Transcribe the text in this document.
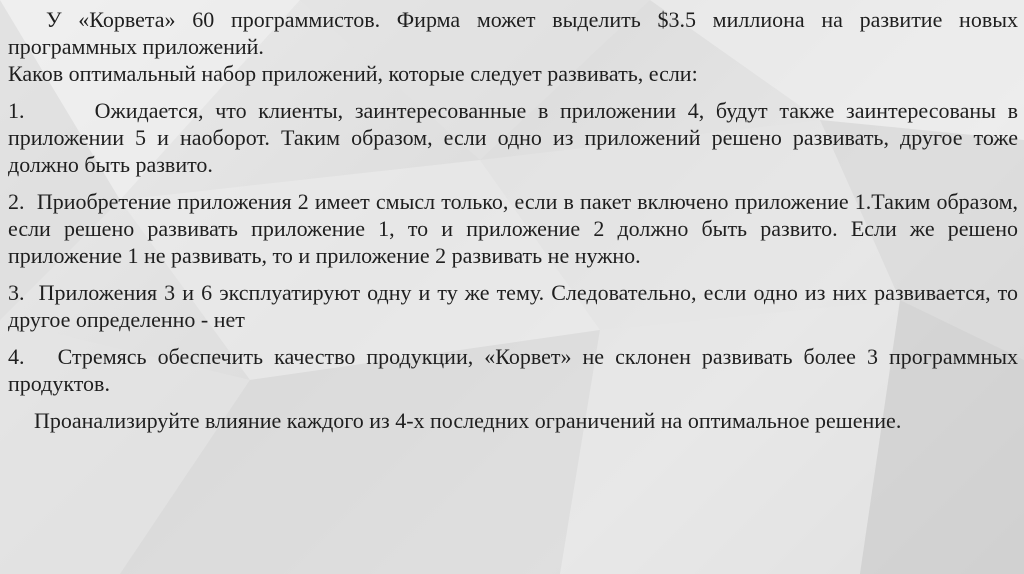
У «Корвета» 60 программистов. Фирма может выделить $3.5 миллиона на развитие новых программных приложений.

Каков оптимальный набор приложений, которые следует развивать, если:

1.	Ожидается, что клиенты, заинтересованные в приложении 4, будут также заинтересованы в приложении 5 и наоборот. Таким образом, если одно из приложений решено развивать, другое тоже должно быть развито.

2. Приобретение приложения 2 имеет смысл только, если в пакет включено приложение 1.Таким образом, если решено развивать приложение 1, то и приложение 2 должно быть развито. Если же решено приложение 1 не развивать, то и приложение 2 развивать не нужно.

3. Приложения 3 и 6 эксплуатируют одну и ту же тему. Следовательно, если одно из них развивается, то другое определенно - нет

4. Стремясь обеспечить качество продукции, «Корвет» не склонен развивать более 3 программных продуктов.

Проанализируйте влияние каждого из 4-х последних ограничений на оптимальное решение.
